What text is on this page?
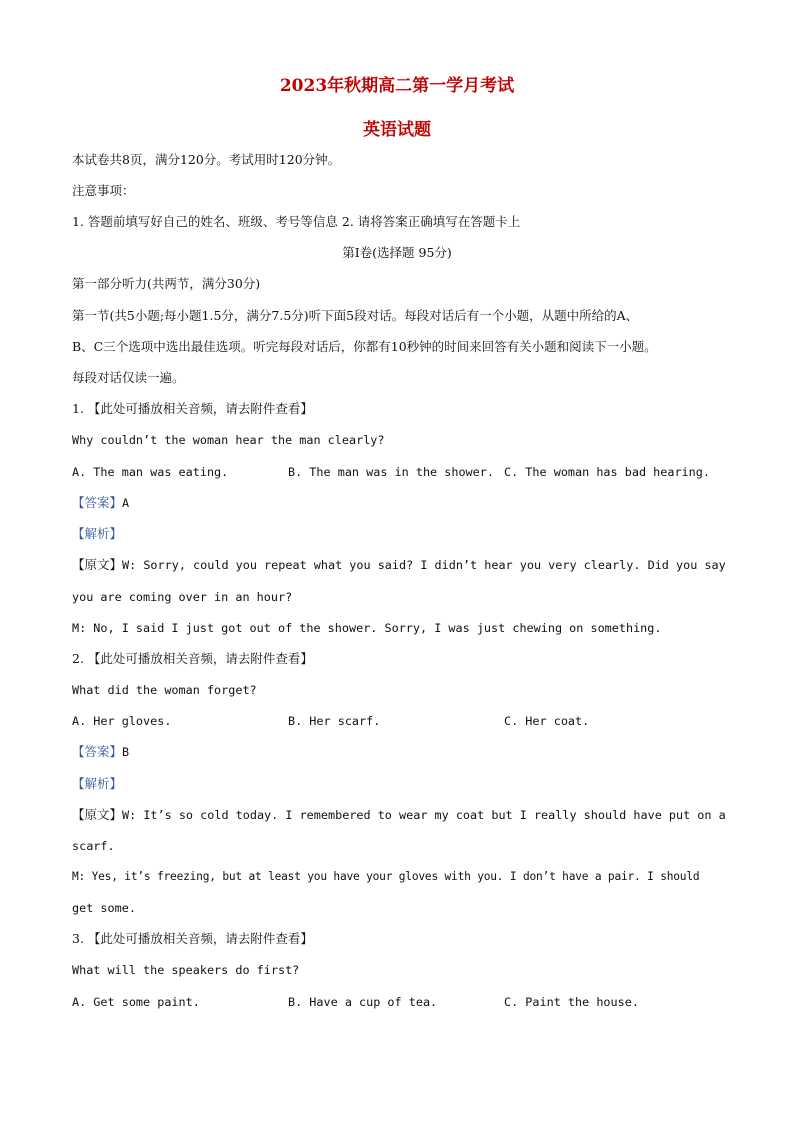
2023年秋期高二第一学月考试
英语试题
本试卷共8页，满分120分。考试用时120分钟。
注意事项：
1. 答题前填写好自己的姓名、班级、考号等信息 2. 请将答案正确填写在答题卡上
第I卷(选择题 95分)
第一部分听力(共两节，满分30分)
第一节(共5小题;每小题1.5分，满分7.5分)听下面5段对话。每段对话后有一个小题，从题中所给的A、
B、C三个选项中选出最佳选项。听完每段对话后，你都有10秒钟的时间来回答有关小题和阅读下一小题。
每段对话仅读一遍。
1. 【此处可播放相关音频，请去附件查看】
Why couldn’t the woman hear the man clearly?
A. The man was eating.	B. The man was in the shower. C. The woman has bad hearing.
【答案】A
【解析】
【原文】W: Sorry, could you repeat what you said? I didn’t hear you very clearly. Did you say
you are coming over in an hour?
M: No, I said I just got out of the shower. Sorry, I was just chewing on something.
2. 【此处可播放相关音频，请去附件查看】
What did the woman forget?
A. Her gloves.	B. Her scarf.	C. Her coat.
【答案】B
【解析】
【原文】W: It’s so cold today. I remembered to wear my coat but I really should have put on a
scarf.
M: Yes, it’s freezing, but at least you have your gloves with you. I don’t have a pair. I should
get some.
3. 【此处可播放相关音频，请去附件查看】
What will the speakers do first?
A. Get some paint.	B. Have a cup of tea.	C. Paint the house.
